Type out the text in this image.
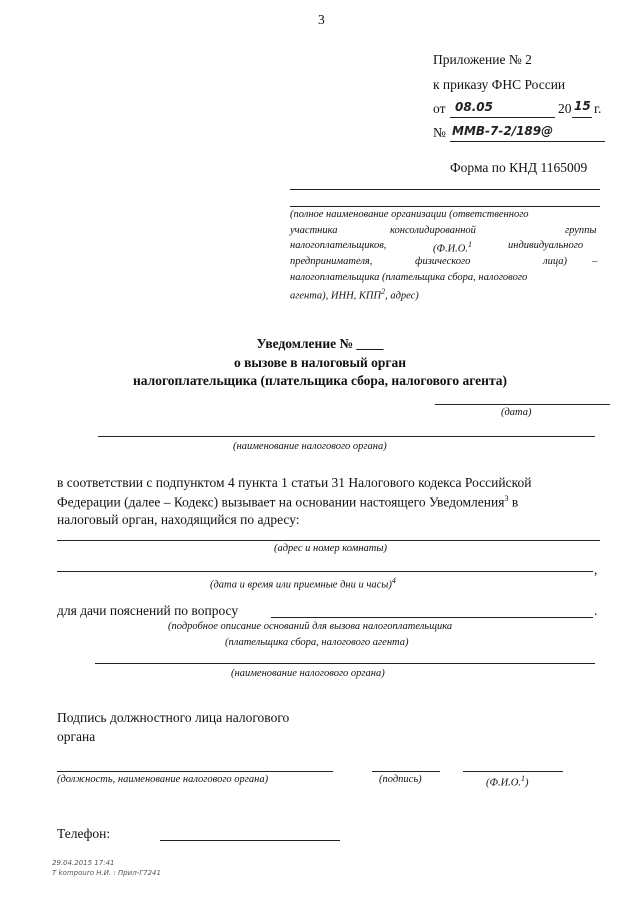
3
Приложение № 2
к приказу ФНС России
от 08.05	20 15 г.
№ ММВ-7-2/189@
Форма по КНД 1165009
(полное наименование организации (ответственного
участника	консолидированной	группы
налогоплательщиков,	(Ф.И.О.$^1$	индивидуального
предпринимателя,	физического	лица) –
налогоплательщика (плательщика сбора, налогового
агента), ИНН, КПП$^2$, адрес)
Уведомление № ____
о вызове в налоговый орган
налогоплательщика (плательщика сбора, налогового агента)
(дата)
(наименование налогового органа)
в соответствии с подпунктом 4 пункта 1 статьи 31 Налогового кодекса Российской
Федерации (далее – Кодекс) вызывает на основании настоящего Уведомления$^3$ в
налоговый орган, находящийся по адресу:
(адрес и номер комнаты)
,
(дата и время или приемные дни и часы)$^4$
для дачи пояснений по вопросу	.
(подробное описание оснований для вызова налогоплательщика
(плательщика сбора, налогового агента)
(наименование налогового органа)
Подпись должностного лица налогового
органа
(должность, наименование налогового органа)	(подпись)	(Ф.И.О.$^1$)
Телефон:
29.04.2015 17:41
Т kompouro Н.И. : Прил-Г7241
